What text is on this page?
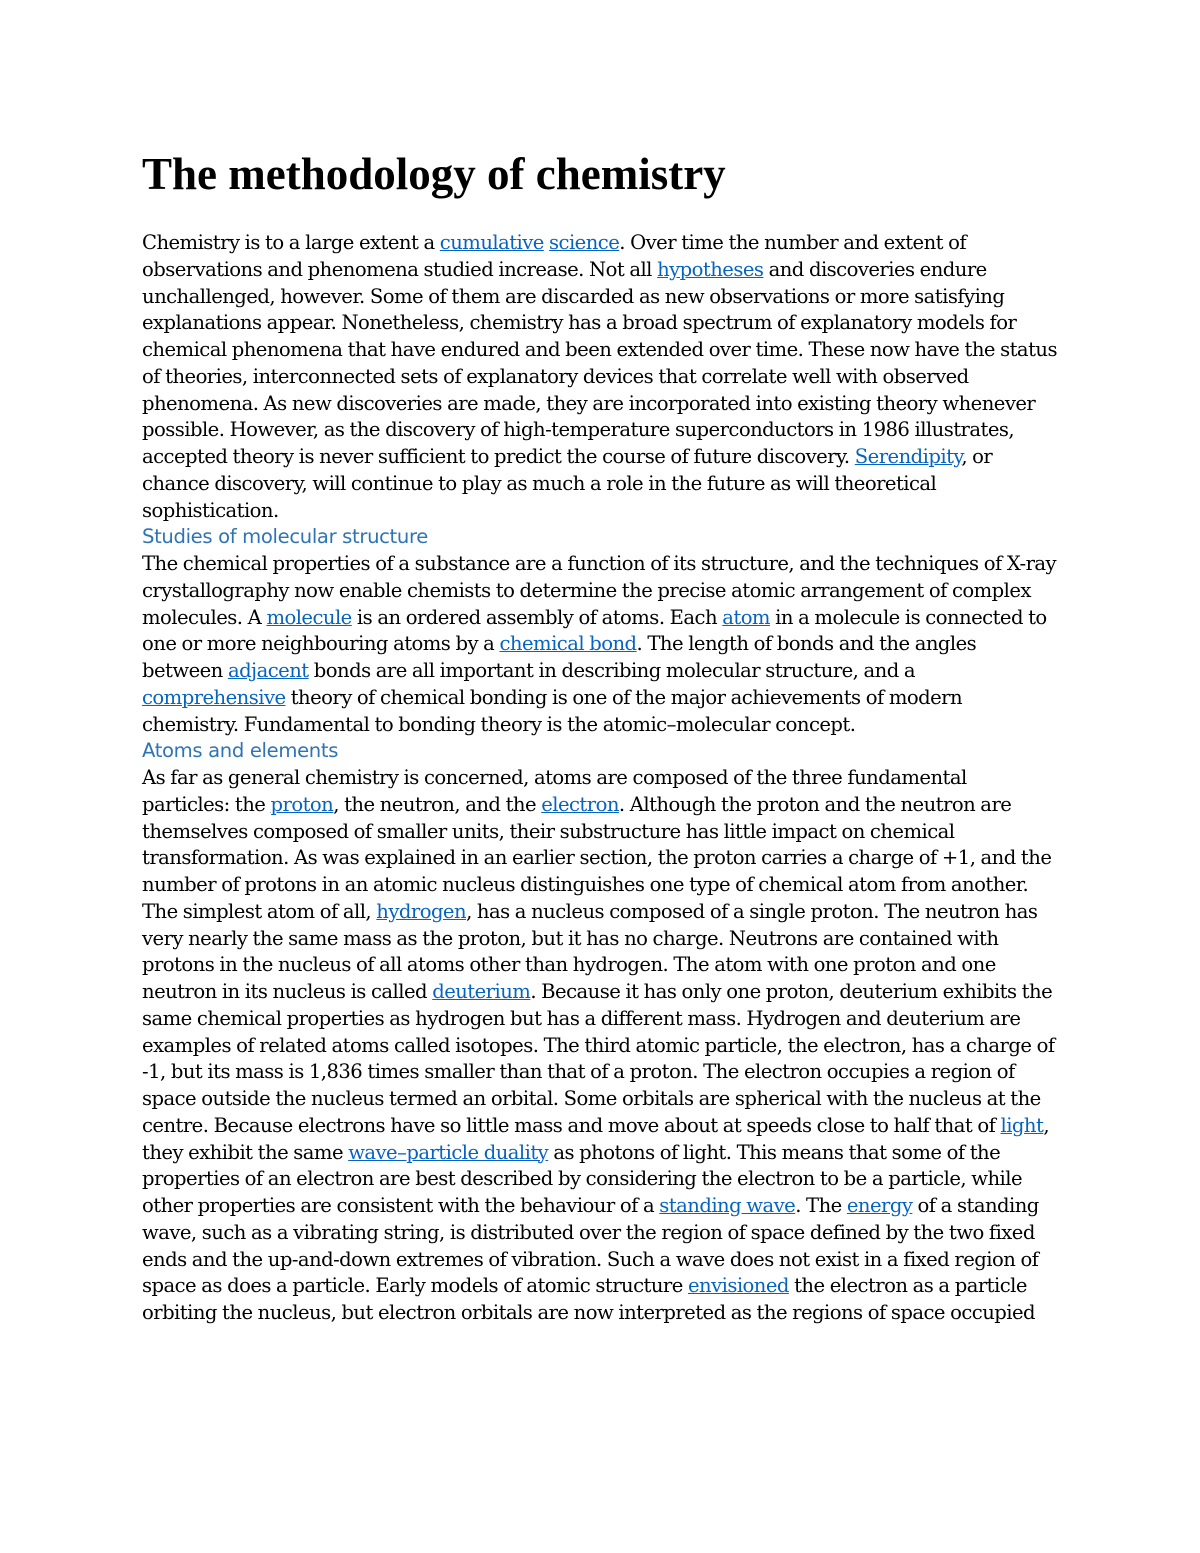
The methodology of chemistry

Chemistry is to a large extent a cumulative science. Over time the number and extent of observations and phenomena studied increase. Not all hypotheses and discoveries endure unchallenged, however. Some of them are discarded as new observations or more satisfying explanations appear. Nonetheless, chemistry has a broad spectrum of explanatory models for chemical phenomena that have endured and been extended over time. These now have the status of theories, interconnected sets of explanatory devices that correlate well with observed phenomena. As new discoveries are made, they are incorporated into existing theory whenever possible. However, as the discovery of high-temperature superconductors in 1986 illustrates, accepted theory is never sufficient to predict the course of future discovery. Serendipity, or chance discovery, will continue to play as much a role in the future as will theoretical sophistication.

Studies of molecular structure

The chemical properties of a substance are a function of its structure, and the techniques of X-ray crystallography now enable chemists to determine the precise atomic arrangement of complex molecules. A molecule is an ordered assembly of atoms. Each atom in a molecule is connected to one or more neighbouring atoms by a chemical bond. The length of bonds and the angles between adjacent bonds are all important in describing molecular structure, and a comprehensive theory of chemical bonding is one of the major achievements of modern chemistry. Fundamental to bonding theory is the atomic–molecular concept.

Atoms and elements

As far as general chemistry is concerned, atoms are composed of the three fundamental particles: the proton, the neutron, and the electron. Although the proton and the neutron are themselves composed of smaller units, their substructure has little impact on chemical transformation. As was explained in an earlier section, the proton carries a charge of +1, and the number of protons in an atomic nucleus distinguishes one type of chemical atom from another. The simplest atom of all, hydrogen, has a nucleus composed of a single proton. The neutron has very nearly the same mass as the proton, but it has no charge. Neutrons are contained with protons in the nucleus of all atoms other than hydrogen. The atom with one proton and one neutron in its nucleus is called deuterium. Because it has only one proton, deuterium exhibits the same chemical properties as hydrogen but has a different mass. Hydrogen and deuterium are examples of related atoms called isotopes. The third atomic particle, the electron, has a charge of -1, but its mass is 1,836 times smaller than that of a proton. The electron occupies a region of space outside the nucleus termed an orbital. Some orbitals are spherical with the nucleus at the centre. Because electrons have so little mass and move about at speeds close to half that of light, they exhibit the same wave–particle duality as photons of light. This means that some of the properties of an electron are best described by considering the electron to be a particle, while other properties are consistent with the behaviour of a standing wave. The energy of a standing wave, such as a vibrating string, is distributed over the region of space defined by the two fixed ends and the up-and-down extremes of vibration. Such a wave does not exist in a fixed region of space as does a particle. Early models of atomic structure envisioned the electron as a particle orbiting the nucleus, but electron orbitals are now interpreted as the regions of space occupied
